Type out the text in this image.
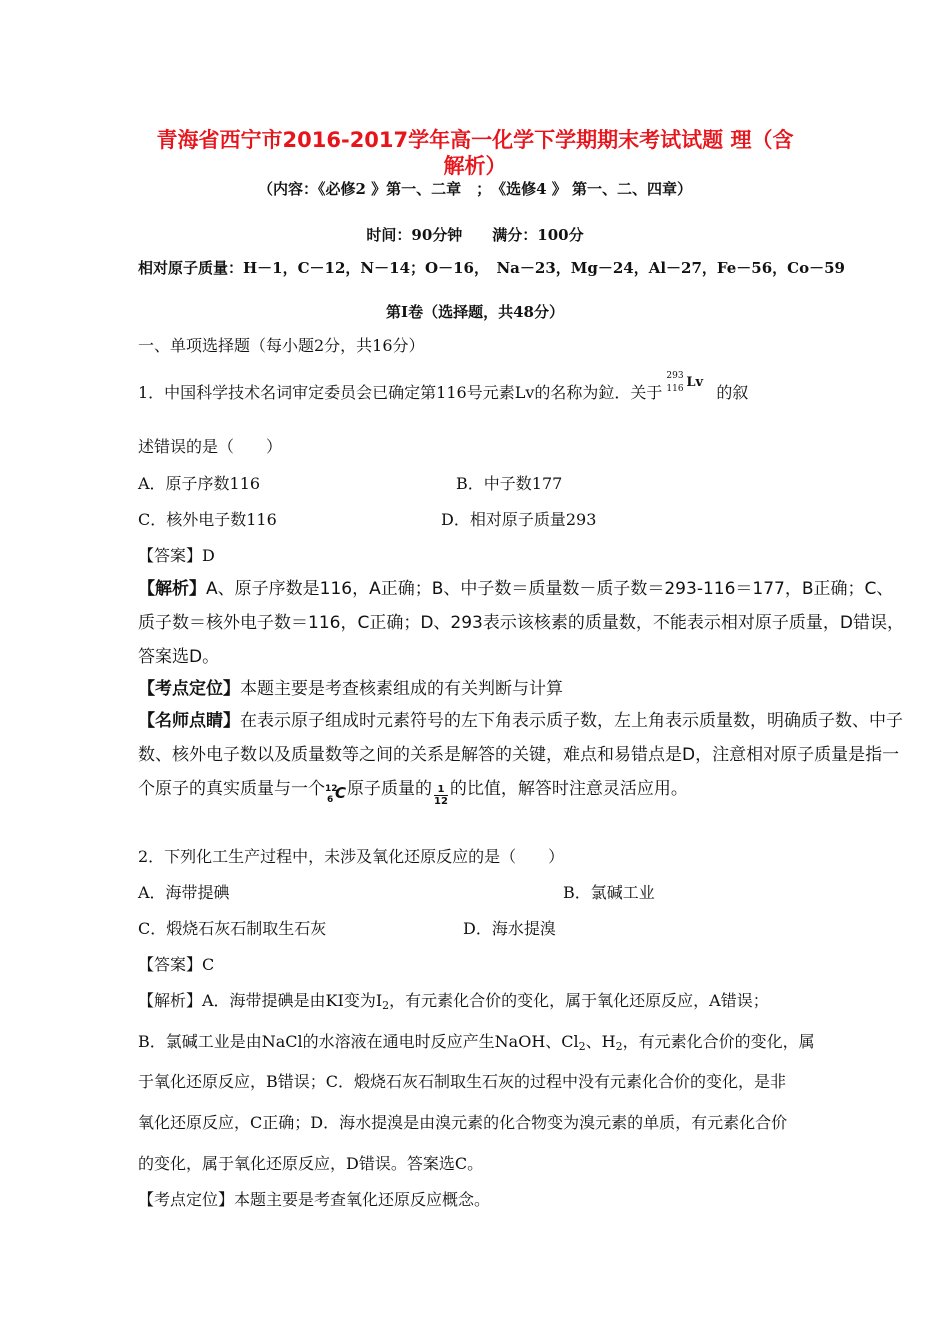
青海省西宁市2016-2017学年高一化学下学期期末考试试题 理（含
解析）
（内容：《必修2 》第一、二章　；　《选修4 》 第一、二、四章）
时间：90分钟　　满分：100分
相对原子质量：H－1，C－12，N－14；O－16，　Na－23，Mg－24，Al－27，Fe－56，Co－59
第Ⅰ卷（选择题，共48分）
一、单项选择题（每小题2分，共16分）
1．中国科学技术名词审定委员会已确定第116号元素Lv的名称为鉝．关于
293
116 Lv
的叙
述错误的是（　　）
A．原子序数116	B．中子数177
C．核外电子数116	D．相对原子质量293
【答案】D
【解析】A、原子序数是116，A正确；B、中子数＝质量数－质子数＝293-116＝177，B正确；C、质子数＝核外电子数＝116，C正确；D、293表示该核素的质量数，不能表示相对原子质量，D错误，答案选D。
【考点定位】本题主要是考查核素组成的有关判断与计算
【名师点睛】在表示原子组成时元素符号的左下角表示质子数，左上角表示质量数，明确质子数、中子数、核外电子数以及质量数等之间的关系是解答的关键，难点和易错点是D，注意相对原子质量是指一个原子的真实质量与一个 12
6 C 原子质量的 $\frac{1}{12}$ 的比值，解答时注意灵活应用。
2．下列化工生产过程中，未涉及氧化还原反应的是（　　）
A．海带提碘	B．氯碱工业
C．煅烧石灰石制取生石灰	D．海水提溴
【答案】C
【解析】A．海带提碘是由KI变为I2，有元素化合价的变化，属于氧化还原反应，A错误；
B．氯碱工业是由NaCl的水溶液在通电时反应产生NaOH、Cl2、H2，有元素化合价的变化，属
于氧化还原反应，B错误；C．煅烧石灰石制取生石灰的过程中没有元素化合价的变化，是非
氧化还原反应，C正确；D．海水提溴是由溴元素的化合物变为溴元素的单质，有元素化合价
的变化，属于氧化还原反应，D错误。答案选C。
【考点定位】本题主要是考查氧化还原反应概念。
